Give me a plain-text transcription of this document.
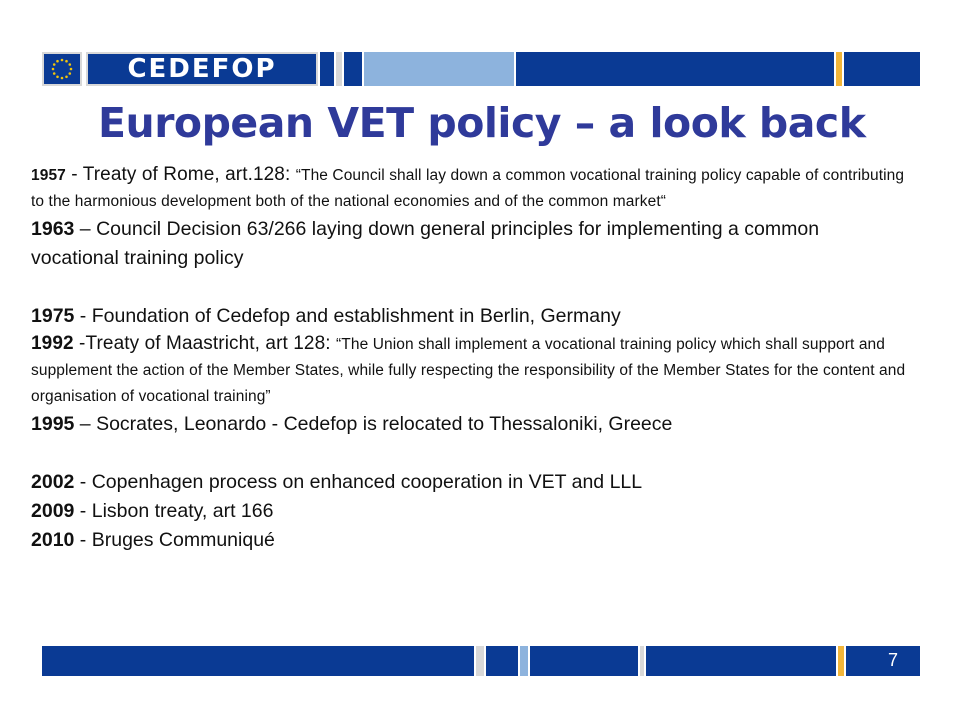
CEDEFOP
European VET policy – a look back

1957 - Treaty of Rome, art.128: “The Council shall lay down a common vocational training policy capable of contributing to the harmonious development both of the national economies and of the common market“

1963 – Council Decision 63/266 laying down general principles for implementing a common vocational training policy

1975 - Foundation of Cedefop and establishment in Berlin, Germany

1992 -Treaty of Maastricht, art 128: “The Union shall implement a vocational training policy which shall support and supplement the action of the Member States, while fully respecting the responsibility of the Member States for the content and organisation of vocational training”

1995 – Socrates, Leonardo - Cedefop is relocated to Thessaloniki, Greece

2002 - Copenhagen process on enhanced cooperation in VET and LLL

2009 - Lisbon treaty, art 166

2010 - Bruges Communiqué

7
